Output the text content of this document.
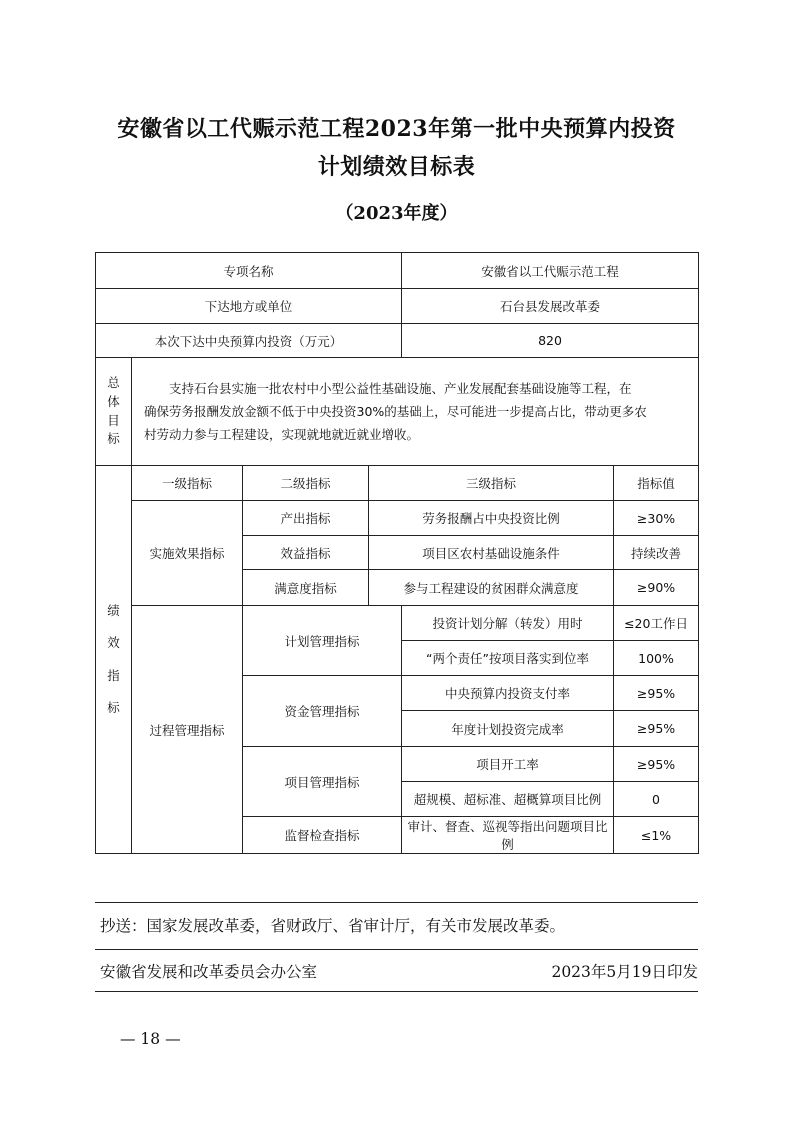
安徽省以工代赈示范工程2023年第一批中央预算内投资
计划绩效目标表
（2023年度）
专项名称				安徽省以工代赈示范工程	
下达地方或单位				石台县发展改革委	
本次下达中央预算内投资（万元）				820	
总
体
目
标	支持石台县实施一批农村中小型公益性基础设施、产业发展配套基础设施等工程，在
确保劳务报酬发放金额不低于中央投资30%的基础上，尽可能进一步提高占比，带动更多农
村劳动力参与工程建设，实现就地就近就业增收。				

绩
效
指
标	一级指标	二级指标	三级指标		指标值
	实施效果指标	产出指标	劳务报酬占中央投资比例		≥30%
		效益指标	项目区农村基础设施条件		持续改善
		满意度指标	参与工程建设的贫困群众满意度		≥90%
	过程管理指标	计划管理指标		投资计划分解（转发）用时	≤20工作日
				“两个责任”按项目落实到位率	100%
		资金管理指标		中央预算内投资支付率	≥95%
				年度计划投资完成率	≥95%
		项目管理指标		项目开工率	≥95%
				超规模、超标准、超概算项目比例	0
		监督检查指标		审计、督查、巡视等指出问题项目比例	≤1%
抄送：国家发展改革委，省财政厅、省审计厅，有关市发展改革委。
安徽省发展和改革委员会办公室	2023年5月19日印发
— 18 —
